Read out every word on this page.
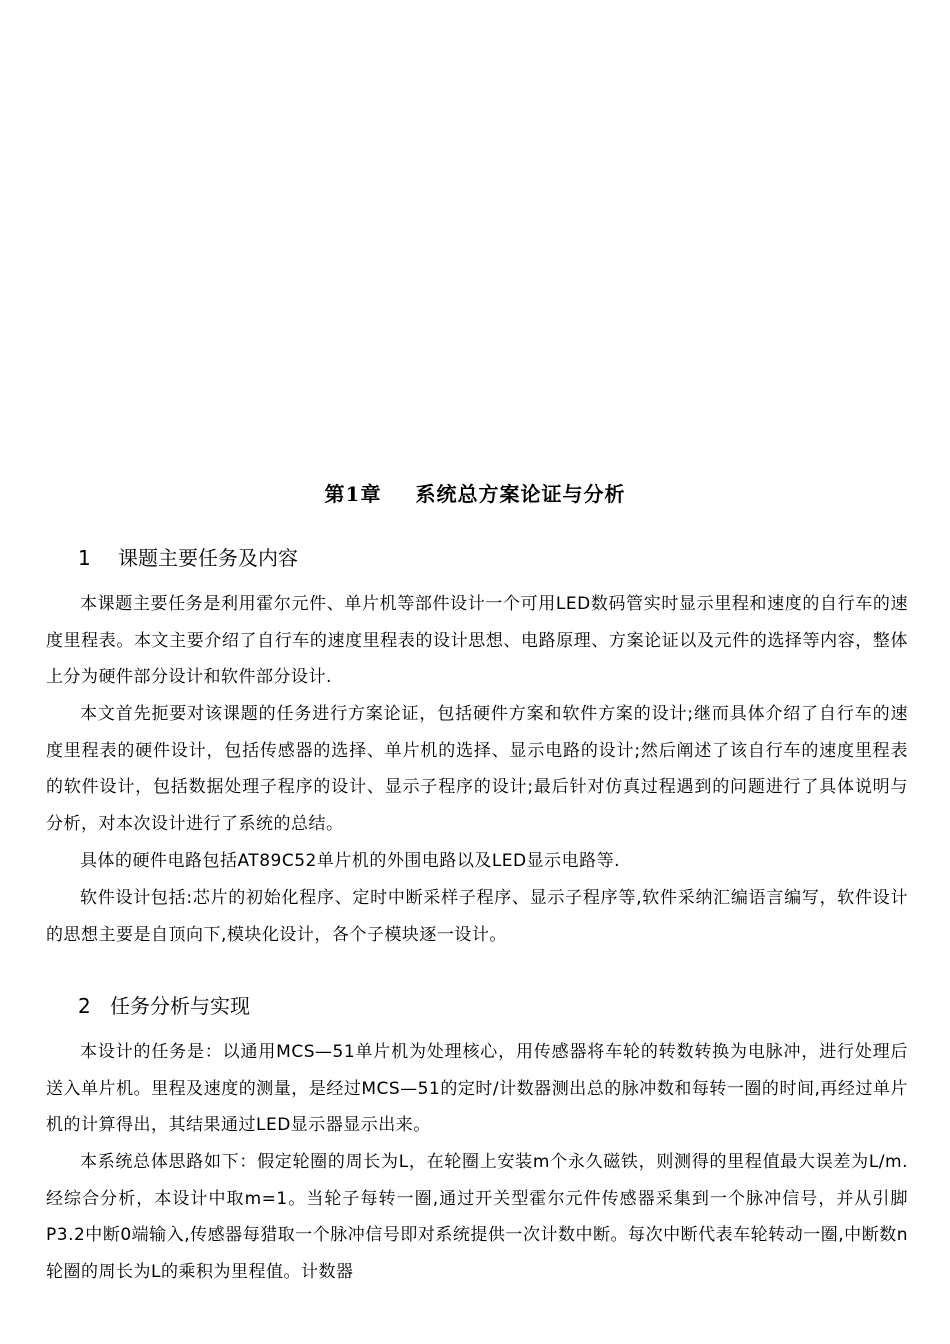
第1章 系统总方案论证与分析
1 课题主要任务及内容

本课题主要任务是利用霍尔元件、单片机等部件设计一个可用LED数码管实时显示里程和速度的自行车的速度里程表。本文主要介绍了自行车的速度里程表的设计思想、电路原理、方案论证以及元件的选择等内容，整体上分为硬件部分设计和软件部分设计.

本文首先扼要对该课题的任务进行方案论证，包括硬件方案和软件方案的设计;继而具体介绍了自行车的速度里程表的硬件设计，包括传感器的选择、单片机的选择、显示电路的设计;然后阐述了该自行车的速度里程表的软件设计，包括数据处理子程序的设计、显示子程序的设计;最后针对仿真过程遇到的问题进行了具体说明与分析，对本次设计进行了系统的总结。

具体的硬件电路包括AT89C52单片机的外围电路以及LED显示电路等.

软件设计包括:芯片的初始化程序、定时中断采样子程序、显示子程序等,软件采纳汇编语言编写，软件设计的思想主要是自顶向下,模块化设计，各个子模块逐一设计。

2 任务分析与实现

本设计的任务是：以通用MCS—51单片机为处理核心，用传感器将车轮的转数转换为电脉冲，进行处理后送入单片机。里程及速度的测量，是经过MCS—51的定时/计数器测出总的脉冲数和每转一圈的时间,再经过单片机的计算得出，其结果通过LED显示器显示出来。

本系统总体思路如下：假定轮圈的周长为L，在轮圈上安装m个永久磁铁，则测得的里程值最大误差为L/m.经综合分析，本设计中取m=1。当轮子每转一圈,通过开关型霍尔元件传感器采集到一个脉冲信号，并从引脚P3.2中断0端输入,传感器每猎取一个脉冲信号即对系统提供一次计数中断。每次中断代表车轮转动一圈,中断数n轮圈的周长为L的乘积为里程值。计数器
